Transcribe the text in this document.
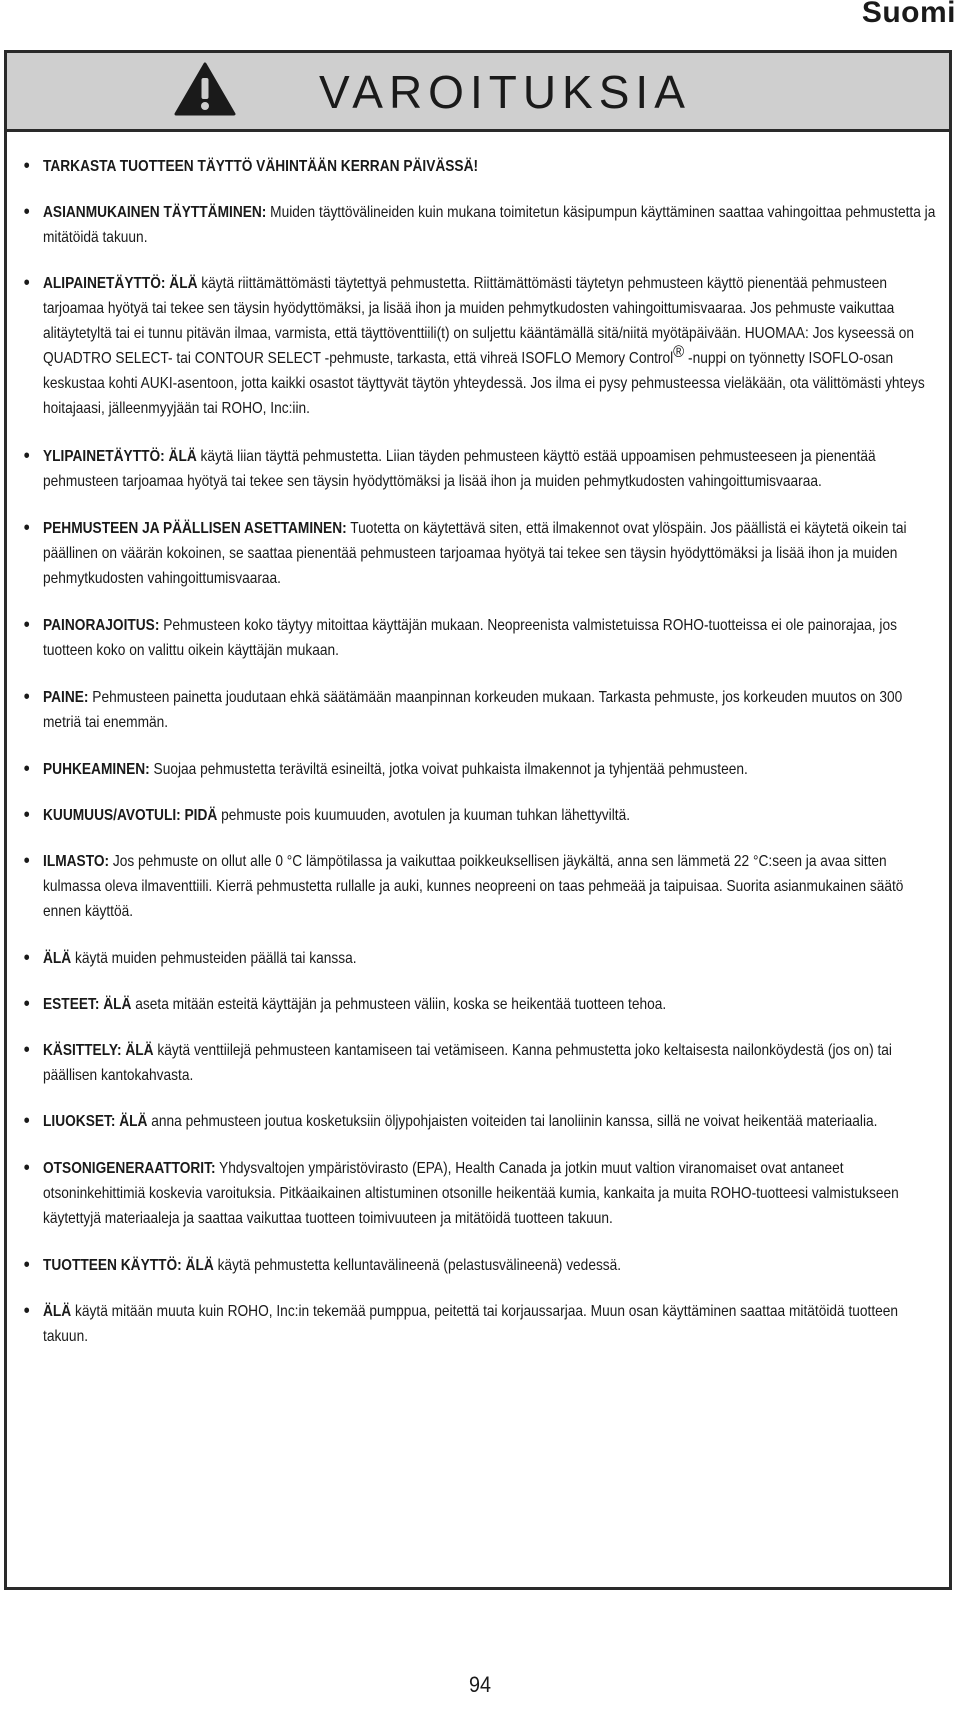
Suomi
VAROITUKSIA
• TARKASTA TUOTTEEN TÄYTTÖ VÄHINTÄÄN KERRAN PÄIVÄSSÄ!
• ASIANMUKAINEN TÄYTTÄMINEN: Muiden täyttövälineiden kuin mukana toimitetun käsipumpun käyttäminen saattaa vahingoittaa pehmustetta ja mitätöidä takuun.
• ALIPAINETÄYTTÖ: ÄLÄ käytä riittämättömästi täytettyä pehmustetta. Riittämättömästi täytetyn pehmusteen käyttö pienentää pehmusteen tarjoamaa hyötyä tai tekee sen täysin hyödyttömäksi, ja lisää ihon ja muiden pehmytkudosten vahingoittumisvaaraa. Jos pehmuste vaikuttaa alitäytetyltä tai ei tunnu pitävän ilmaa, varmista, että täyttöventtiili(t) on suljettu kääntämällä sitä/niitä myötäpäivään. HUOMAA: Jos kyseessä on QUADTRO SELECT- tai CONTOUR SELECT -pehmuste, tarkasta, että vihreä ISOFLO Memory Control® -nuppi on työnnetty ISOFLO-osan keskustaa kohti AUKI-asentoon, jotta kaikki osastot täyttyvät täytön yhteydessä. Jos ilma ei pysy pehmusteessa vieläkään, ota välittömästi yhteys hoitajaasi, jälleenmyyjään tai ROHO, Inc:iin.
• YLIPAINETÄYTTÖ: ÄLÄ käytä liian täyttä pehmustetta. Liian täyden pehmusteen käyttö estää uppoamisen pehmusteeseen ja pienentää pehmusteen tarjoamaa hyötyä tai tekee sen täysin hyödyttömäksi ja lisää ihon ja muiden pehmytkudosten vahingoittumisvaaraa.
• PEHMUSTEEN JA PÄÄLLISEN ASETTAMINEN: Tuotetta on käytettävä siten, että ilmakennot ovat ylöspäin. Jos päällistä ei käytetä oikein tai päällinen on väärän kokoinen, se saattaa pienentää pehmusteen tarjoamaa hyötyä tai tekee sen täysin hyödyttömäksi ja lisää ihon ja muiden pehmytkudosten vahingoittumisvaaraa.
• PAINORAJOITUS: Pehmusteen koko täytyy mitoittaa käyttäjän mukaan. Neopreenista valmistetuissa ROHO-tuotteissa ei ole painorajaa, jos tuotteen koko on valittu oikein käyttäjän mukaan.
• PAINE: Pehmusteen painetta joudutaan ehkä säätämään maanpinnan korkeuden mukaan. Tarkasta pehmuste, jos korkeuden muutos on 300 metriä tai enemmän.
• PUHKEAMINEN: Suojaa pehmustetta teräviltä esineiltä, jotka voivat puhkaista ilmakennot ja tyhjentää pehmusteen.
• KUUMUUS/AVOTULI: PIDÄ pehmuste pois kuumuuden, avotulen ja kuuman tuhkan lähettyviltä.
• ILMASTO: Jos pehmuste on ollut alle 0 °C lämpötilassa ja vaikuttaa poikkeuksellisen jäykältä, anna sen lämmetä 22 °C:seen ja avaa sitten kulmassa oleva ilmaventtiili. Kierrä pehmustetta rullalle ja auki, kunnes neopreeni on taas pehmeää ja taipuisaa. Suorita asianmukainen säätö ennen käyttöä.
• ÄLÄ käytä muiden pehmusteiden päällä tai kanssa.
• ESTEET: ÄLÄ aseta mitään esteitä käyttäjän ja pehmusteen väliin, koska se heikentää tuotteen tehoa.
• KÄSITTELY: ÄLÄ käytä venttiilejä pehmusteen kantamiseen tai vetämiseen. Kanna pehmustetta joko keltaisesta nailonköydestä (jos on) tai päällisen kantokahvasta.
• LIUOKSET: ÄLÄ anna pehmusteen joutua kosketuksiin öljypohjaisten voiteiden tai lanoliinin kanssa, sillä ne voivat heikentää materiaalia.
• OTSONIGENERAATTORIT: Yhdysvaltojen ympäristövirasto (EPA), Health Canada ja jotkin muut valtion viranomaiset ovat antaneet otsoninkehittimiä koskevia varoituksia. Pitkäaikainen altistuminen otsonille heikentää kumia, kankaita ja muita ROHO-tuotteesi valmistukseen käytettyjä materiaaleja ja saattaa vaikuttaa tuotteen toimivuuteen ja mitätöidä tuotteen takuun.
• TUOTTEEN KÄYTTÖ: ÄLÄ käytä pehmustetta kelluntavälineenä (pelastusvälineenä) vedessä.
• ÄLÄ käytä mitään muuta kuin ROHO, Inc:in tekemää pumppua, peitettä tai korjaussarjaa. Muun osan käyttäminen saattaa mitätöidä tuotteen takuun.
94
